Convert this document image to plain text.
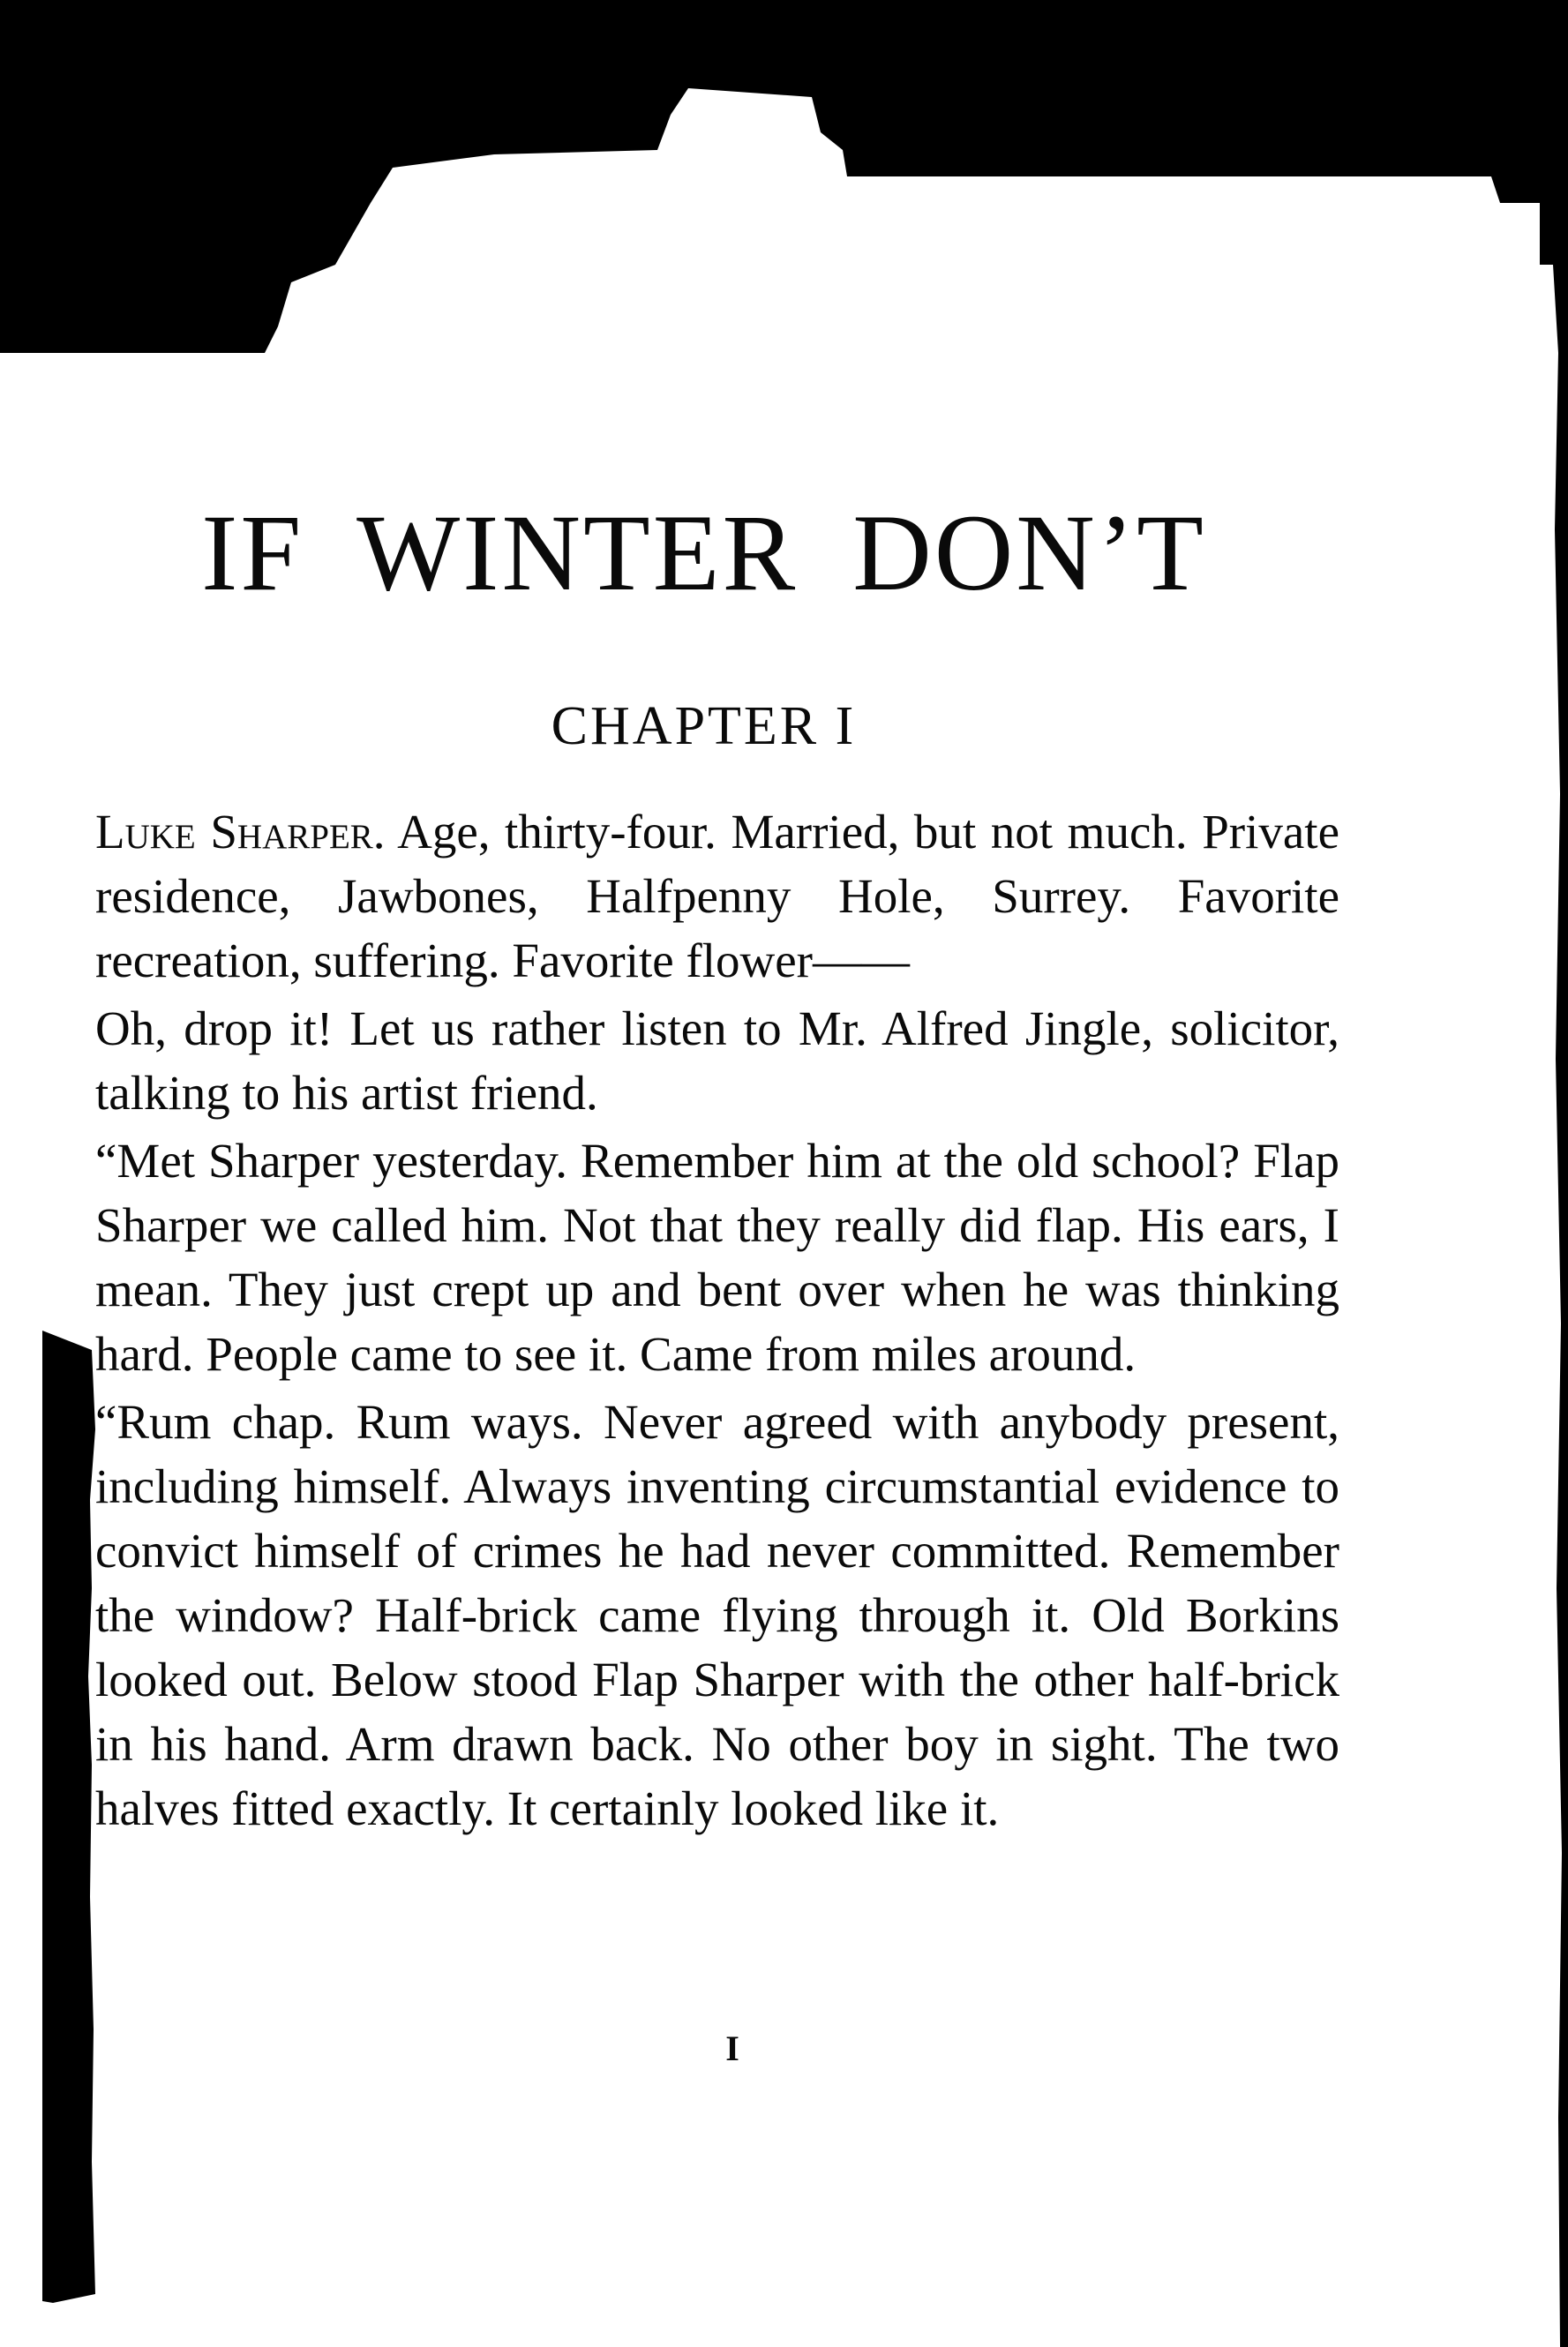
IF WINTER DON’T
CHAPTER I

Luke Sharper. Age, thirty-four. Married, but not much. Private residence, Jawbones, Halfpenny Hole, Surrey. Favorite recreation, suffering. Favorite flower——

Oh, drop it! Let us rather listen to Mr. Alfred Jingle, solicitor, talking to his artist friend.

“Met Sharper yesterday. Remember him at the old school? Flap Sharper we called him. Not that they really did flap. His ears, I mean. They just crept up and bent over when he was thinking hard. People came to see it. Came from miles around.

“Rum chap. Rum ways. Never agreed with anybody present, including himself. Always inventing circumstantial evidence to convict himself of crimes he had never committed. Remember the window? Half-brick came flying through it. Old Borkins looked out. Below stood Flap Sharper with the other half-brick in his hand. Arm drawn back. No other boy in sight. The two halves fitted exactly. It certainly looked like it.

I
